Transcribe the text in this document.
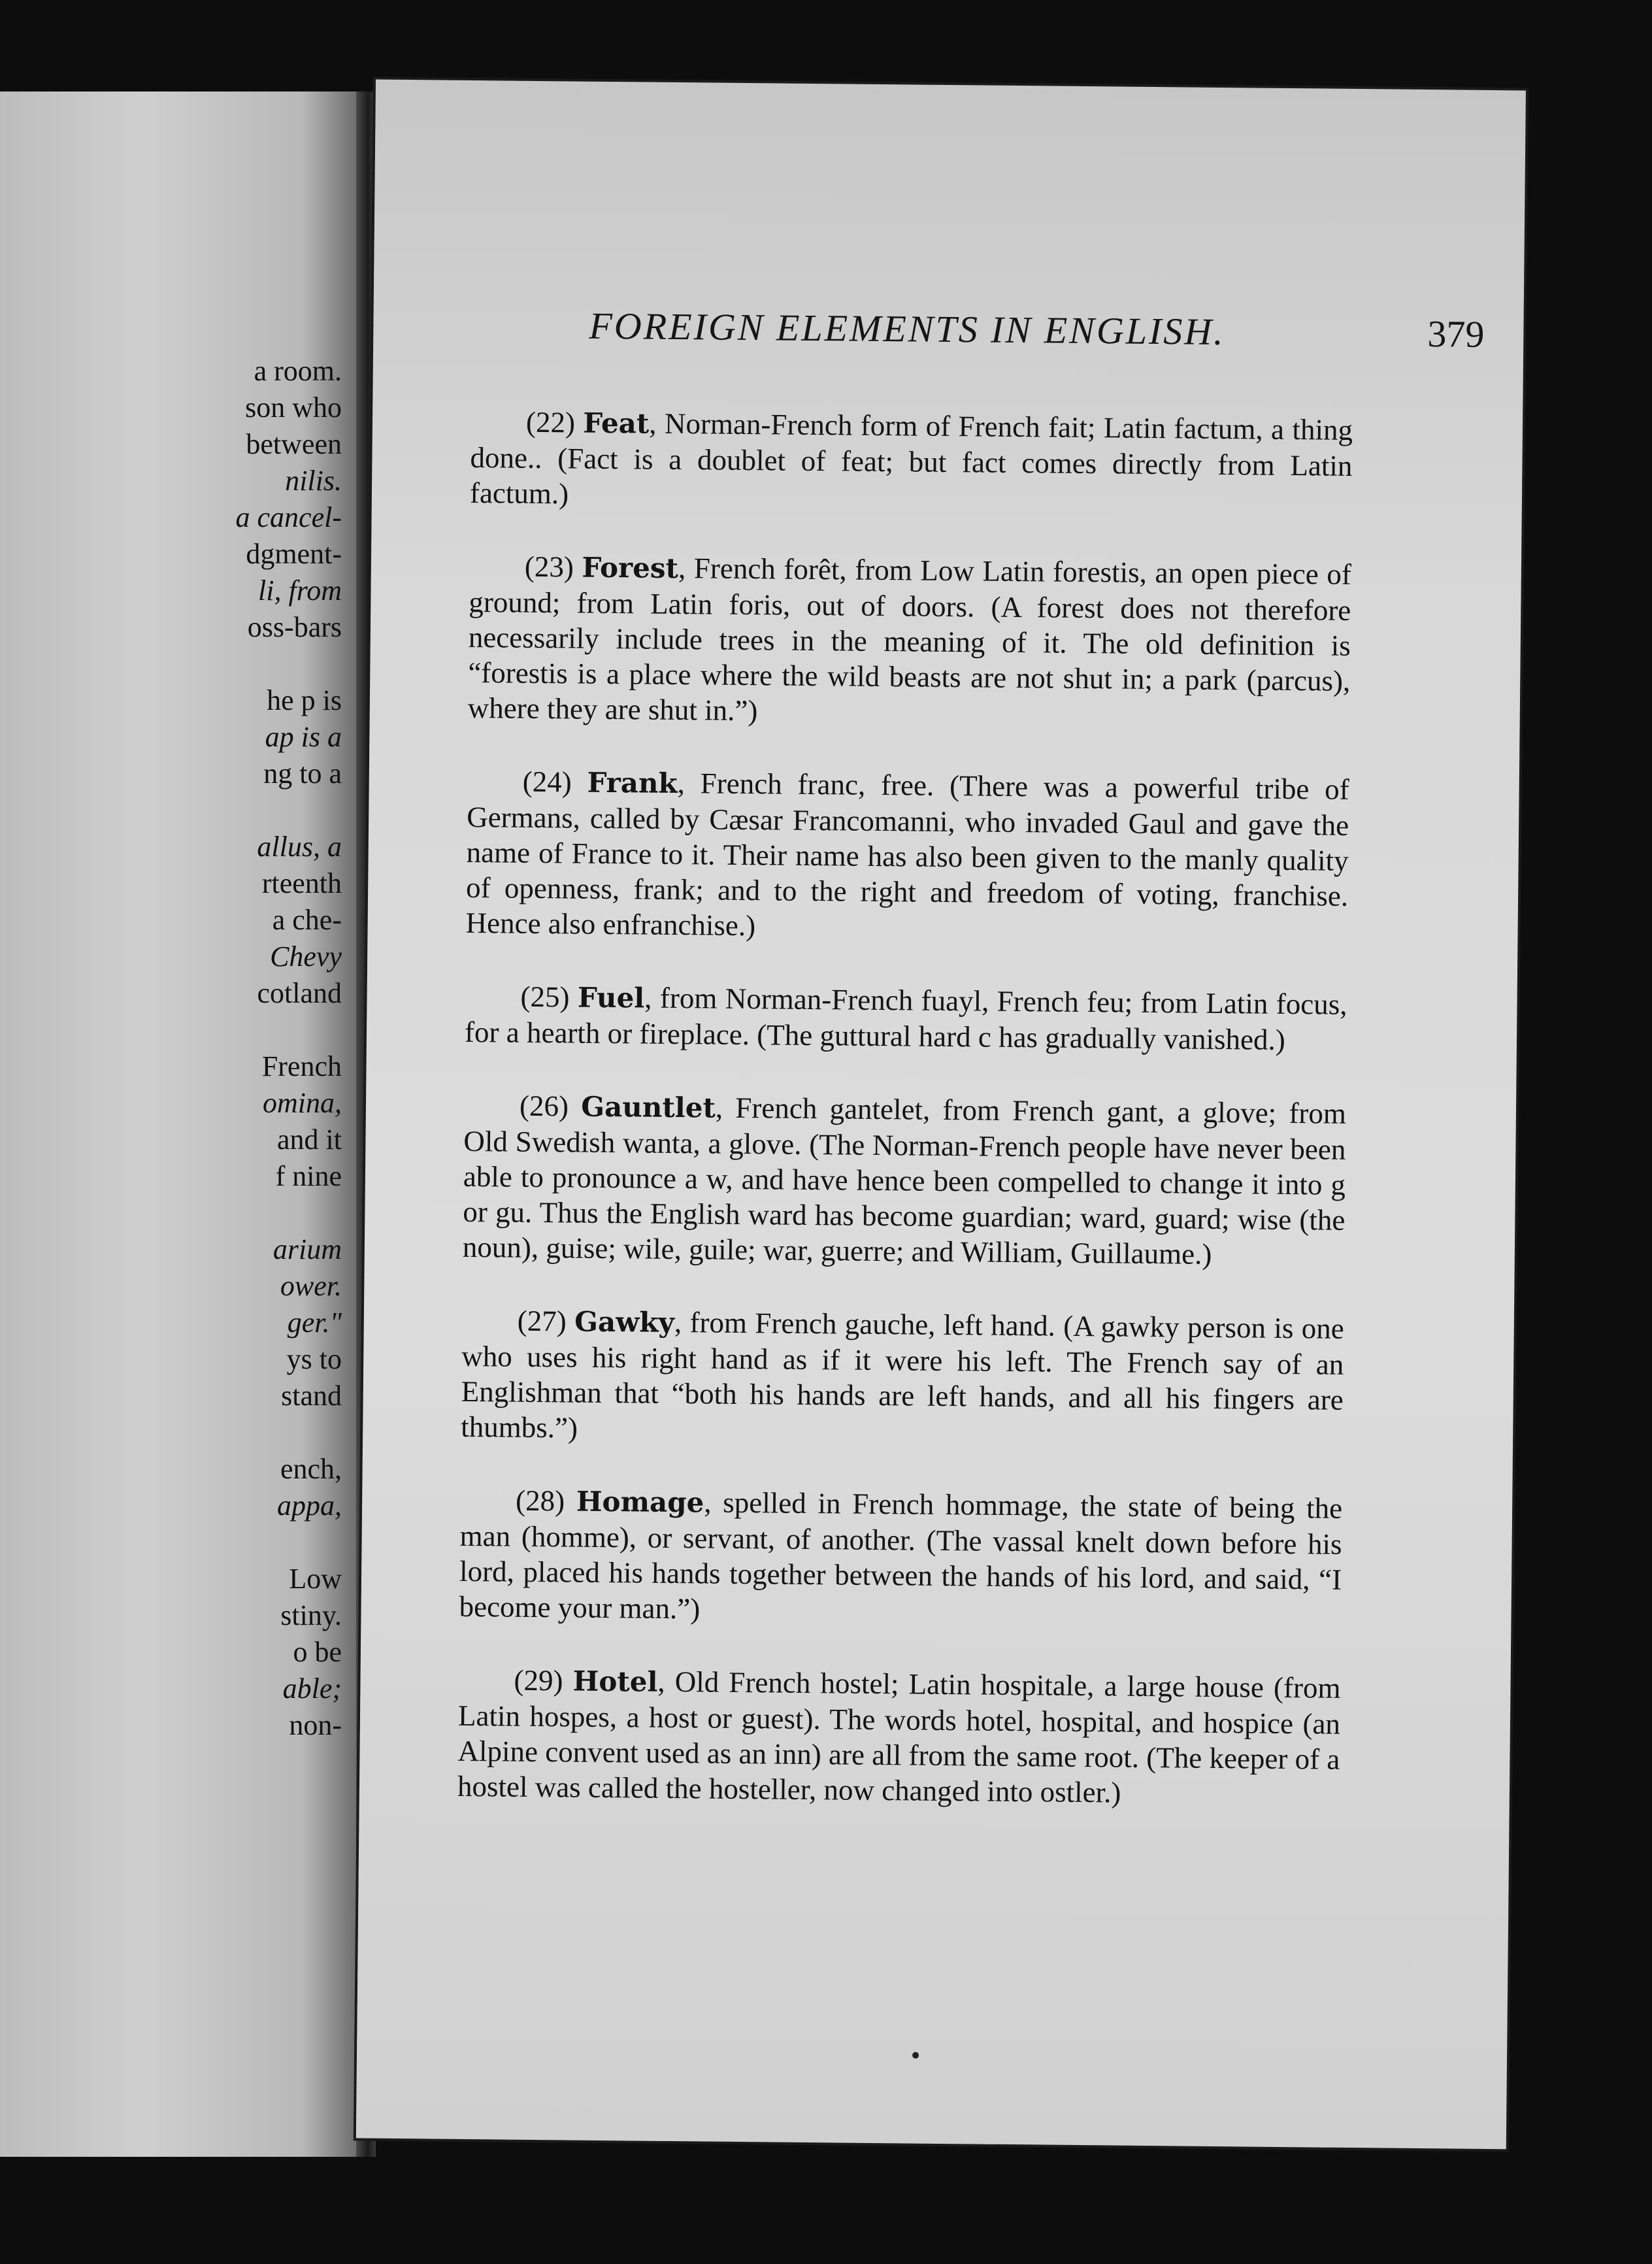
a room.
son who
between
nilis.
a cancel-
dgment-
li, from
oss-bars
he p is
ap is a
ng to a
allus, a
rteenth
a che-
Chevy
cotland
French
omina,
and it
f nine
arium
ower.
ger."
ys to
stand
ench,
appa,
Low
stiny.
o be
able;
non-
FOREIGN ELEMENTS IN ENGLISH.	379

(22) Feat, Norman-French form of French fait; Latin factum, a thing done.. (Fact is a doublet of feat; but fact comes directly from Latin factum.)

(23) Forest, French forêt, from Low Latin forestis, an open piece of ground; from Latin foris, out of doors. (A forest does not therefore necessarily include trees in the meaning of it. The old definition is “forestis is a place where the wild beasts are not shut in; a park (parcus), where they are shut in.”)

(24) Frank, French franc, free. (There was a powerful tribe of Germans, called by Cæsar Francomanni, who invaded Gaul and gave the name of France to it. Their name has also been given to the manly quality of openness, frank; and to the right and freedom of voting, franchise. Hence also enfranchise.)

(25) Fuel, from Norman-French fuayl, French feu; from Latin focus, for a hearth or fireplace. (The guttural hard c has gradually vanished.)

(26) Gauntlet, French gantelet, from French gant, a glove; from Old Swedish wanta, a glove. (The Norman-French people have never been able to pronounce a w, and have hence been compelled to change it into g or gu. Thus the English ward has become guardian; ward, guard; wise (the noun), guise; wile, guile; war, guerre; and William, Guillaume.)

(27) Gawky, from French gauche, left hand. (A gawky person is one who uses his right hand as if it were his left. The French say of an Englishman that “both his hands are left hands, and all his fingers are thumbs.”)

(28) Homage, spelled in French hommage, the state of being the man (homme), or servant, of another. (The vassal knelt down before his lord, placed his hands together between the hands of his lord, and said, “I become your man.”)

(29) Hotel, Old French hostel; Latin hospitale, a large house (from Latin hospes, a host or guest). The words hotel, hospital, and hospice (an Alpine convent used as an inn) are all from the same root. (The keeper of a hostel was called the hosteller, now changed into ostler.)
